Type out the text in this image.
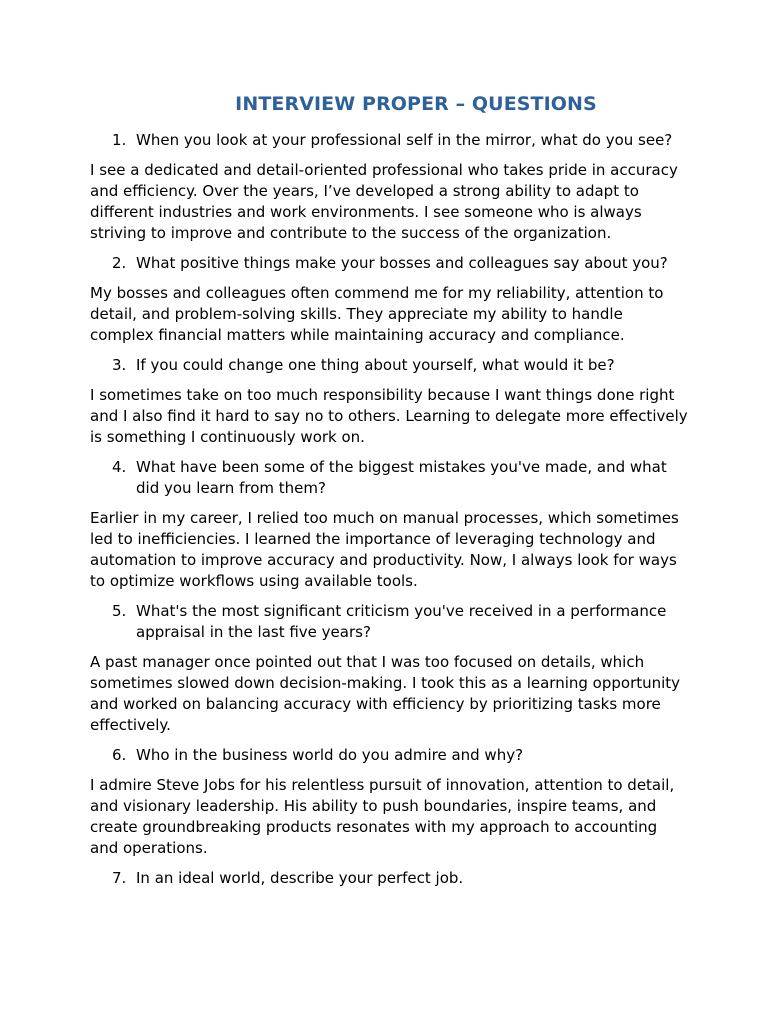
INTERVIEW PROPER – QUESTIONS
1. When you look at your professional self in the mirror, what do you see?

I see a dedicated and detail-oriented professional who takes pride in accuracy and efficiency. Over the years, I’ve developed a strong ability to adapt to different industries and work environments. I see someone who is always striving to improve and contribute to the success of the organization.

2. What positive things make your bosses and colleagues say about you?

My bosses and colleagues often commend me for my reliability, attention to detail, and problem-solving skills. They appreciate my ability to handle complex financial matters while maintaining accuracy and compliance.

3. If you could change one thing about yourself, what would it be?

I sometimes take on too much responsibility because I want things done right and I also find it hard to say no to others. Learning to delegate more effectively is something I continuously work on.

4. What have been some of the biggest mistakes you've made, and what did you learn from them?

Earlier in my career, I relied too much on manual processes, which sometimes led to inefficiencies. I learned the importance of leveraging technology and automation to improve accuracy and productivity. Now, I always look for ways to optimize workflows using available tools.

5. What's the most significant criticism you've received in a performance appraisal in the last five years?

A past manager once pointed out that I was too focused on details, which sometimes slowed down decision-making. I took this as a learning opportunity and worked on balancing accuracy with efficiency by prioritizing tasks more effectively.

6. Who in the business world do you admire and why?

I admire Steve Jobs for his relentless pursuit of innovation, attention to detail, and visionary leadership. His ability to push boundaries, inspire teams, and create groundbreaking products resonates with my approach to accounting and operations.

7. In an ideal world, describe your perfect job.
